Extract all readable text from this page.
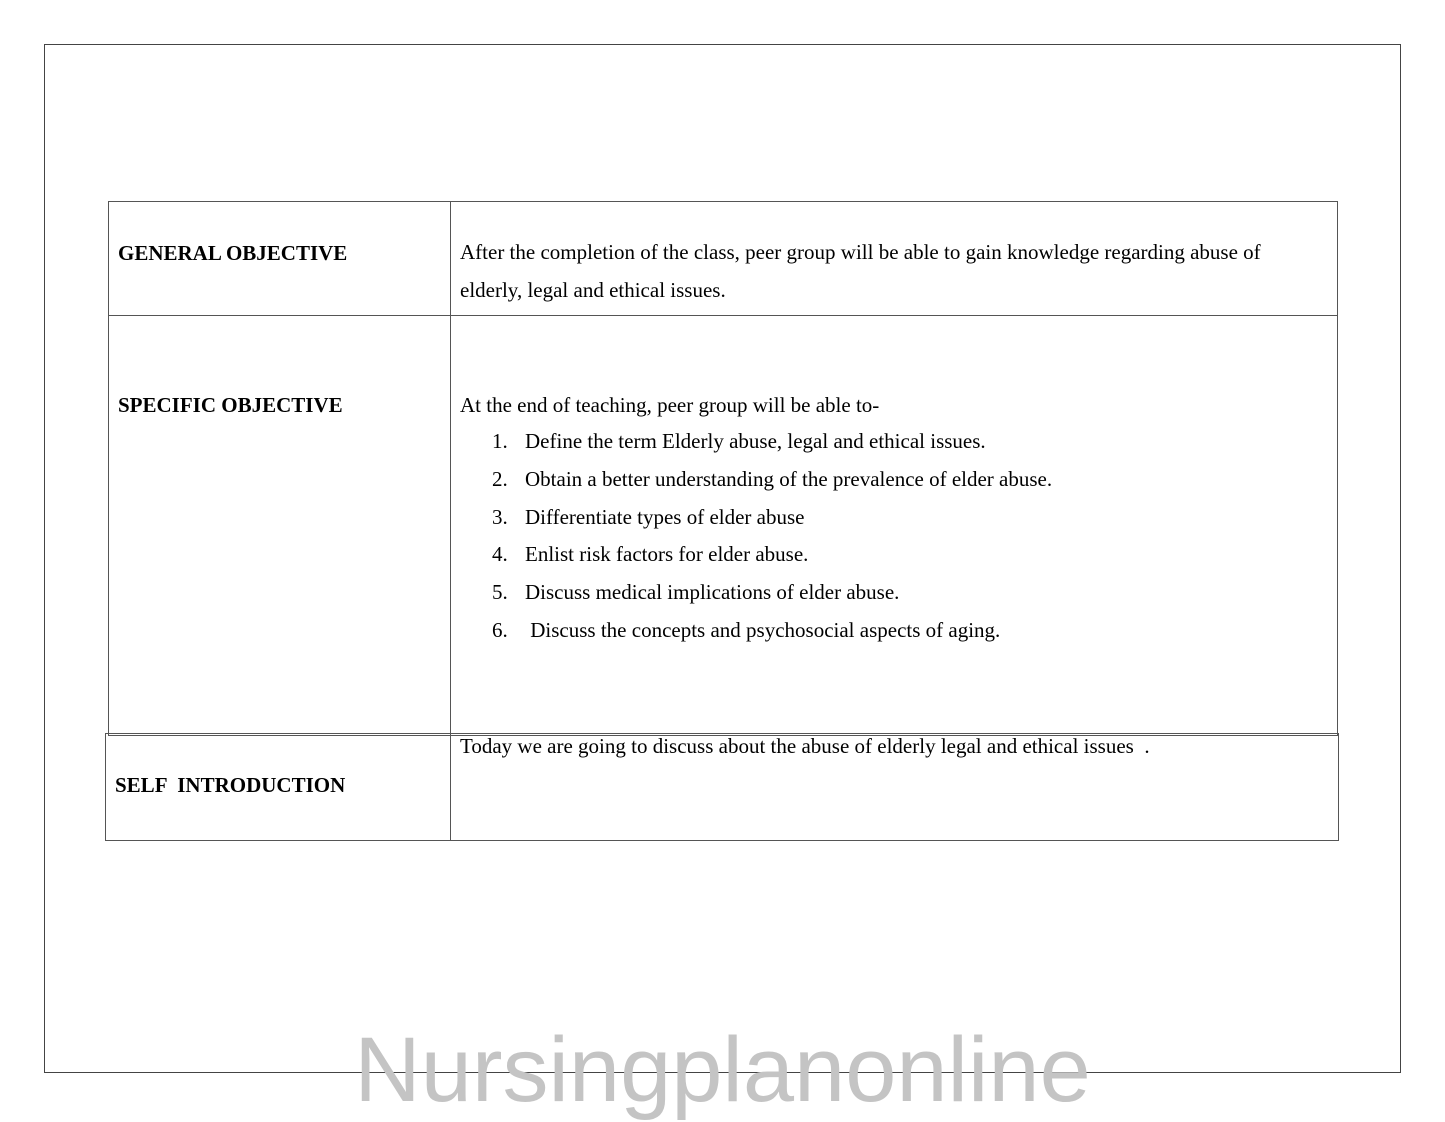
GENERAL OBJECTIVE	After the completion of the class, peer group will be able to gain knowledge regarding abuse of elderly, legal and ethical issues.
SPECIFIC OBJECTIVE	At the end of teaching, peer group will be able to-
1. Define the term Elderly abuse, legal and ethical issues.
2. Obtain a better understanding of the prevalence of elder abuse.
3. Differentiate types of elder abuse
4. Enlist risk factors for elder abuse.
5. Discuss medical implications of elder abuse.
6. Discuss the concepts and psychosocial aspects of aging.
SELF  INTRODUCTION
Today we are going to discuss about the abuse of elderly legal and ethical issues  .
Nursingplanonline
